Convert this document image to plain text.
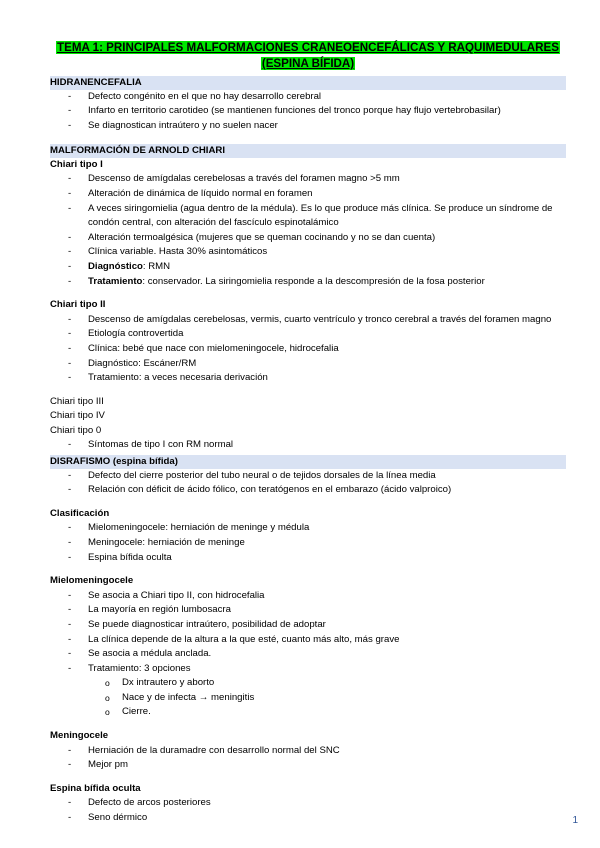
TEMA 1: PRINCIPALES MALFORMACIONES CRANEOENCEFÁLICAS Y RAQUIMEDULARES
(ESPINA BÍFIDA)
HIDRANENCEFALIA
- Defecto congénito en el que no hay desarrollo cerebral
- Infarto en territorio carotideo (se mantienen funciones del tronco porque hay flujo vertebrobasilar)
- Se diagnostican intraútero y no suelen nacer
MALFORMACIÓN DE ARNOLD CHIARI
Chiari tipo I
- Descenso de amígdalas cerebelosas a través del foramen magno >5 mm
- Alteración de dinámica de líquido normal en foramen
- A veces siringomielia (agua dentro de la médula). Es lo que produce más clínica. Se produce un síndrome de condón central, con alteración del fascículo espinotalámico
- Alteración termoalgésica (mujeres que se queman cocinando y no se dan cuenta)
- Clínica variable. Hasta 30% asintomáticos
- Diagnóstico: RMN
- Tratamiento: conservador. La siringomielia responde a la descompresión de la fosa posterior
Chiari tipo II
- Descenso de amígdalas cerebelosas, vermis, cuarto ventrículo y tronco cerebral a través del foramen magno
- Etiología controvertida
- Clínica: bebé que nace con mielomeningocele, hidrocefalia
- Diagnóstico: Escáner/RM
- Tratamiento: a veces necesaria derivación

Chiari tipo III

Chiari tipo IV

Chiari tipo 0

- Síntomas de tipo I con RM normal
DISRAFISMO (espina bífida)
- Defecto del cierre posterior del tubo neural o de tejidos dorsales de la línea media
- Relación con déficit de ácido fólico, con teratógenos en el embarazo (ácido valproico)
Clasificación
- Mielomeningocele: herniación de meninge y médula
- Meningocele: herniación de meninge
- Espina bífida oculta
Mielomeningocele
- Se asocia a Chiari tipo II, con hidrocefalia
- La mayoría en región lumbosacra
- Se puede diagnosticar intraútero, posibilidad de adoptar
- La clínica depende de la altura a la que esté, cuanto más alto, más grave
- Se asocia a médula anclada.
- Tratamiento: 3 opciones
o Dx intrautero y aborto
o Nace y de infecta → meningitis
o Cierre.
Meningocele
- Herniación de la duramadre con desarrollo normal del SNC
- Mejor pm
Espina bífida oculta
- Defecto de arcos posteriores
- Seno dérmico	1
